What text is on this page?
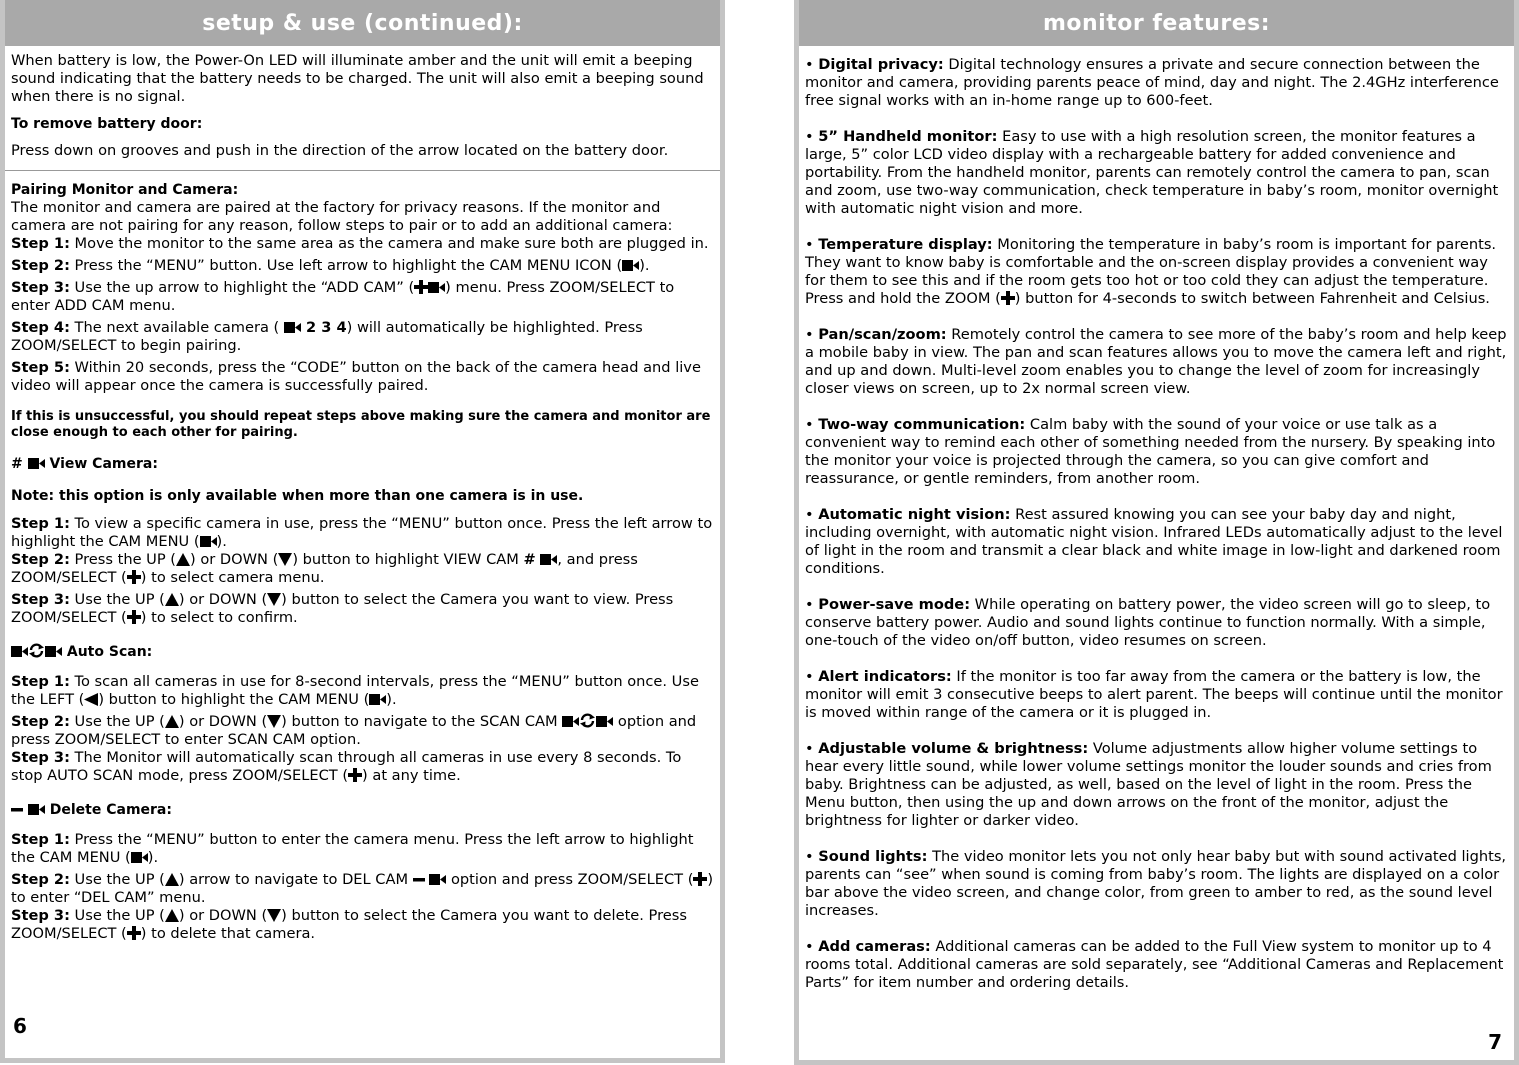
setup & use (continued):

When battery is low, the Power-On LED will illuminate amber and the unit will emit a beeping sound indicating that the battery needs to be charged. The unit will also emit a beeping sound when there is no signal.

To remove battery door:

Press down on grooves and push in the direction of the arrow located on the battery door.

Pairing Monitor and Camera:

The monitor and camera are paired at the factory for privacy reasons. If the monitor and camera are not pairing for any reason, follow steps to pair or to add an additional camera:

Step 1: Move the monitor to the same area as the camera and make sure both are plugged in.

Step 2: Press the “MENU” button. Use left arrow to highlight the CAM MENU ICON ( ).

Step 3: Use the up arrow to highlight the “ADD CAM” ( ) menu. Press ZOOM/SELECT to enter ADD CAM menu.

Step 4: The next available camera (  2 3 4) will automatically be highlighted. Press ZOOM/SELECT to begin pairing.

Step 5: Within 20 seconds, press the “CODE” button on the back of the camera head and live video will appear once the camera is successfully paired.

If this is unsuccessful, you should repeat steps above making sure the camera and monitor are close enough to each other for pairing.

# View Camera:

Note: this option is only available when more than one camera is in use.

Step 1: To view a specific camera in use, press the “MENU” button once. Press the left arrow to highlight the CAM MENU ( ).

Step 2: Press the UP ( ) or DOWN ( ) button to highlight VIEW CAM # , and press ZOOM/SELECT ( ) to select camera menu.

Step 3: Use the UP ( ) or DOWN ( ) button to select the Camera you want to view. Press ZOOM/SELECT ( ) to select to confirm.

Auto Scan:

Step 1: To scan all cameras in use for 8-second intervals, press the “MENU” button once. Use the LEFT ( ) button to highlight the CAM MENU ( ).

Step 2: Use the UP ( ) or DOWN ( ) button to navigate to the SCAN CAM	option and press ZOOM/SELECT to enter SCAN CAM option.

Step 3: The Monitor will automatically scan through all cameras in use every 8 seconds. To stop AUTO SCAN mode, press ZOOM/SELECT ( ) at any time.

Delete Camera:

Step 1: Press the “MENU” button to enter the camera menu. Press the left arrow to highlight the CAM MENU ( ).

Step 2: Use the UP ( ) arrow to navigate to DEL CAM   option and press ZOOM/SELECT ( ) to enter “DEL CAM” menu.

Step 3: Use the UP ( ) or DOWN ( ) button to select the Camera you want to delete. Press ZOOM/SELECT ( ) to delete that camera.

6
monitor features:

• Digital privacy: Digital technology ensures a private and secure connection between the monitor and camera, providing parents peace of mind, day and night. The 2.4GHz interference free signal works with an in-home range up to 600-feet.

• 5” Handheld monitor: Easy to use with a high resolution screen, the monitor features a large, 5” color LCD video display with a rechargeable battery for added convenience and portability. From the handheld monitor, parents can remotely control the camera to pan, scan and zoom, use two-way communication, check temperature in baby’s room, monitor overnight with automatic night vision and more.

• Temperature display: Monitoring the temperature in baby’s room is important for parents. They want to know baby is comfortable and the on-screen display provides a convenient way for them to see this and if the room gets too hot or too cold they can adjust the temperature. Press and hold the ZOOM ( ) button for 4-seconds to switch between Fahrenheit and Celsius.

• Pan/scan/zoom: Remotely control the camera to see more of the baby’s room and help keep a mobile baby in view. The pan and scan features allows you to move the camera left and right, and up and down. Multi-level zoom enables you to change the level of zoom for increasingly closer views on screen, up to 2x normal screen view.

• Two-way communication: Calm baby with the sound of your voice or use talk as a convenient way to remind each other of something needed from the nursery. By speaking into the monitor your voice is projected through the camera, so you can give comfort and reassurance, or gentle reminders, from another room.

• Automatic night vision: Rest assured knowing you can see your baby day and night, including overnight, with automatic night vision. Infrared LEDs automatically adjust to the level of light in the room and transmit a clear black and white image in low-light and darkened room conditions.

• Power-save mode: While operating on battery power, the video screen will go to sleep, to conserve battery power. Audio and sound lights continue to function normally. With a simple, one-touch of the video on/off button, video resumes on screen.

• Alert indicators: If the monitor is too far away from the camera or the battery is low, the monitor will emit 3 consecutive beeps to alert parent. The beeps will continue until the monitor is moved within range of the camera or it is plugged in.

• Adjustable volume & brightness: Volume adjustments allow higher volume settings to hear every little sound, while lower volume settings monitor the louder sounds and cries from baby. Brightness can be adjusted, as well, based on the level of light in the room. Press the Menu button, then using the up and down arrows on the front of the monitor, adjust the brightness for lighter or darker video.

• Sound lights: The video monitor lets you not only hear baby but with sound activated lights, parents can “see” when sound is coming from baby’s room. The lights are displayed on a color bar above the video screen, and change color, from green to amber to red, as the sound level increases.

• Add cameras: Additional cameras can be added to the Full View system to monitor up to 4 rooms total. Additional cameras are sold separately, see “Additional Cameras and Replacement Parts” for item number and ordering details.

7
